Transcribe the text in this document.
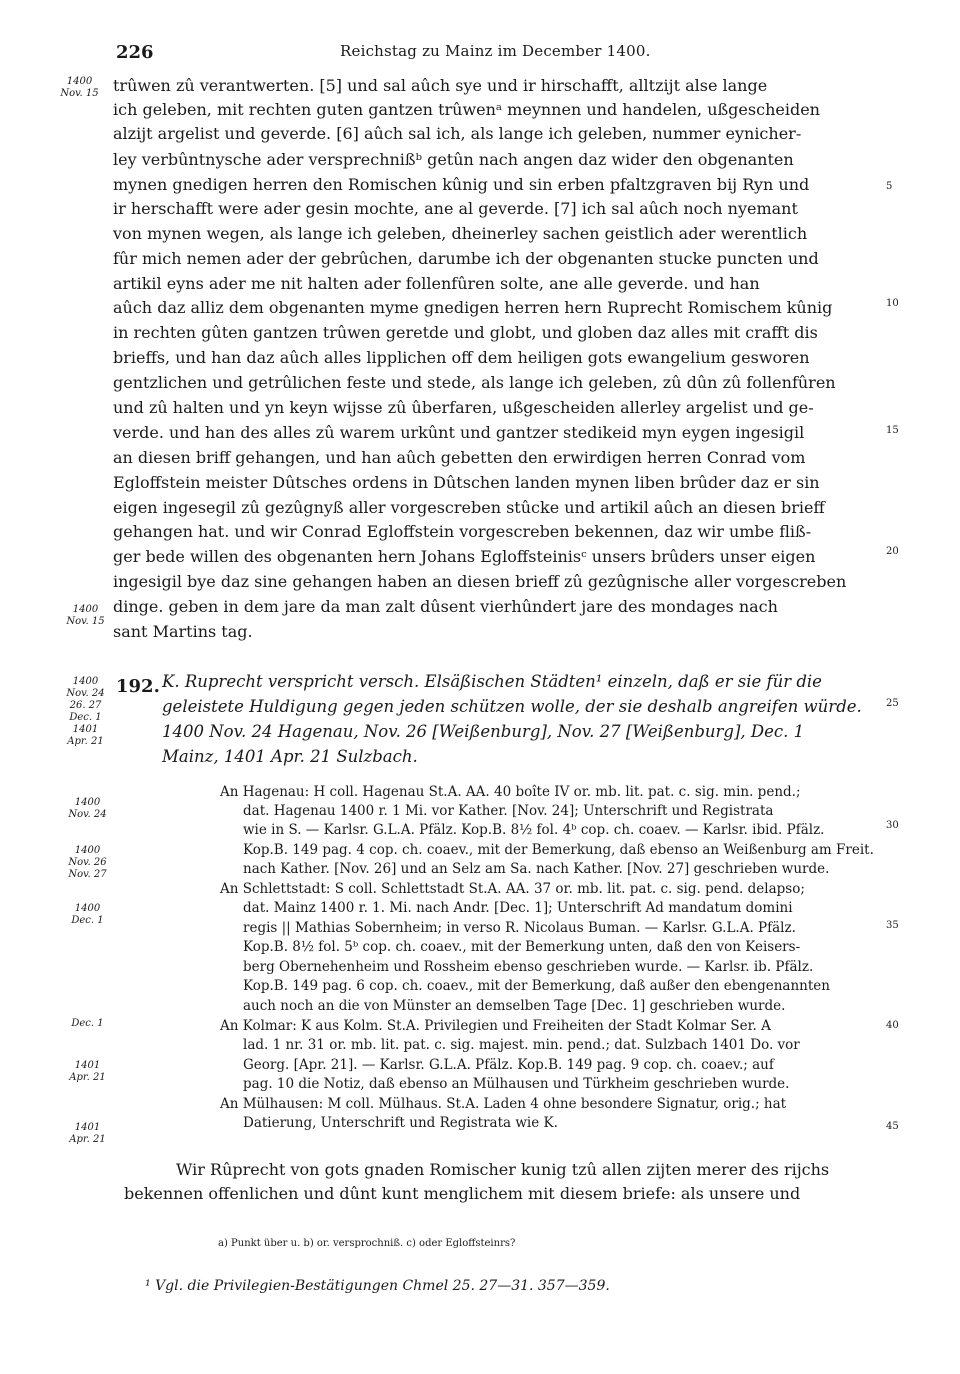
226	Reichstag zu Mainz im December 1400.
trûwen zû verantwerten. [5] und sal aûch sye und ir hirschafft, alltzijt alse lange
ich geleben, mit rechten guten gantzen trûwenᵃ meynnen und handelen, ußgescheiden
alzijt argelist und geverde. [6] aûch sal ich, als lange ich geleben, nummer eynicher-
ley verbûntnysche ader versprechnißᵇ getûn nach angen daz wider den obgenanten
mynen gnedigen herren den Romischen kûnig und sin erben pfaltzgraven bij Ryn und
ir herschafft were ader gesin mochte, ane al geverde. [7] ich sal aûch noch nyemant
von mynen wegen, als lange ich geleben, dheinerley sachen geistlich ader werentlich
fûr mich nemen ader der gebrûchen, darumbe ich der obgenanten stucke puncten und
artikil eyns ader me nit halten ader follenfûren solte, ane alle geverde. und han
aûch daz alliz dem obgenanten myme gnedigen herren hern Ruprecht Romischem kûnig
in rechten gûten gantzen trûwen geretde und globt, und globen daz alles mit crafft dis
brieffs, und han daz aûch alles lipplichen off dem heiligen gots ewangelium gesworen
gentzlichen und getrûlichen feste und stede, als lange ich geleben, zû dûn zû follenfûren
und zû halten und yn keyn wijsse zû ûberfaren, ußgescheiden allerley argelist und ge-
verde. und han des alles zû warem urkûnt und gantzer stedikeid myn eygen ingesigil
an diesen briff gehangen, und han aûch gebetten den erwirdigen herren Conrad vom
Egloffstein meister Dûtsches ordens in Dûtschen landen mynen liben brûder daz er sin
eigen ingesegil zû gezûgnyß aller vorgescreben stûcke und artikil aûch an diesen brieff
gehangen hat. und wir Conrad Egloffstein vorgescreben bekennen, daz wir umbe fliß-
ger bede willen des obgenanten hern Johans Egloffsteinisᶜ unsers brûders unser eigen
ingesigil bye daz sine gehangen haben an diesen brieff zû gezûgnische aller vorgescreben
dinge. geben in dem jare da man zalt dûsent vierhûndert jare des mondages nach
sant Martins tag.
1400
Nov. 15
1400
Nov. 15
5
10
15
20
1400
Nov. 24
26. 27
Dec. 1
1401
Apr. 21
192. K. Ruprecht verspricht versch. Elsäßischen Städten¹ einzeln, daß er sie für die
geleistete Huldigung gegen jeden schützen wolle, der sie deshalb angreifen würde.
1400 Nov. 24 Hagenau, Nov. 26 [Weißenburg], Nov. 27 [Weißenburg], Dec. 1
Mainz, 1401 Apr. 21 Sulzbach.
25
An Hagenau: H coll. Hagenau St.A. AA. 40 boîte IV or. mb. lit. pat. c. sig. min. pend.;
dat. Hagenau 1400 r. 1 Mi. vor Kather. [Nov. 24]; Unterschrift und Registrata
wie in S. — Karlsr. G.L.A. Pfälz. Kop.B. 8½ fol. 4ᵇ cop. ch. coaev. — Karlsr. ibid. Pfälz.
Kop.B. 149 pag. 4 cop. ch. coaev., mit der Bemerkung, daß ebenso an Weißenburg am Freit.
nach Kather. [Nov. 26] und an Selz am Sa. nach Kather. [Nov. 27] geschrieben wurde.
An Schlettstadt: S coll. Schlettstadt St.A. AA. 37 or. mb. lit. pat. c. sig. pend. delapso;
dat. Mainz 1400 r. 1. Mi. nach Andr. [Dec. 1]; Unterschrift Ad mandatum domini
regis || Mathias Sobernheim; in verso R. Nicolaus Buman. — Karlsr. G.L.A. Pfälz.
Kop.B. 8½ fol. 5ᵇ cop. ch. coaev., mit der Bemerkung unten, daß den von Keisers-
berg Obernehenheim und Rossheim ebenso geschrieben wurde. — Karlsr. ib. Pfälz.
Kop.B. 149 pag. 6 cop. ch. coaev., mit der Bemerkung, daß außer den ebengenannten
auch noch an die von Münster an demselben Tage [Dec. 1] geschrieben wurde.
An Kolmar: K aus Kolm. St.A. Privilegien und Freiheiten der Stadt Kolmar Ser. A
lad. 1 nr. 31 or. mb. lit. pat. c. sig. majest. min. pend.; dat. Sulzbach 1401 Do. vor
Georg. [Apr. 21]. — Karlsr. G.L.A. Pfälz. Kop.B. 149 pag. 9 cop. ch. coaev.; auf
pag. 10 die Notiz, daß ebenso an Mülhausen und Türkheim geschrieben wurde.
An Mülhausen: M coll. Mülhaus. St.A. Laden 4 ohne besondere Signatur, orig.; hat
Datierung, Unterschrift und Registrata wie K.
30
35
40
45
1400
Nov. 24
1400
Nov. 26
Nov. 27
1400
Dec. 1
Dec. 1
1401
Apr. 21
1401
Apr. 21
Wir Rûprecht von gots gnaden Romischer kunig tzû allen zijten merer des rijchs
bekennen offenlichen und dûnt kunt menglichem mit diesem briefe: als unsere und
a) Punkt über u. b) or. versprochniß. c) oder Egloffsteinrs?
¹ Vgl. die Privilegien-Bestätigungen Chmel 25. 27—31. 357—359.
